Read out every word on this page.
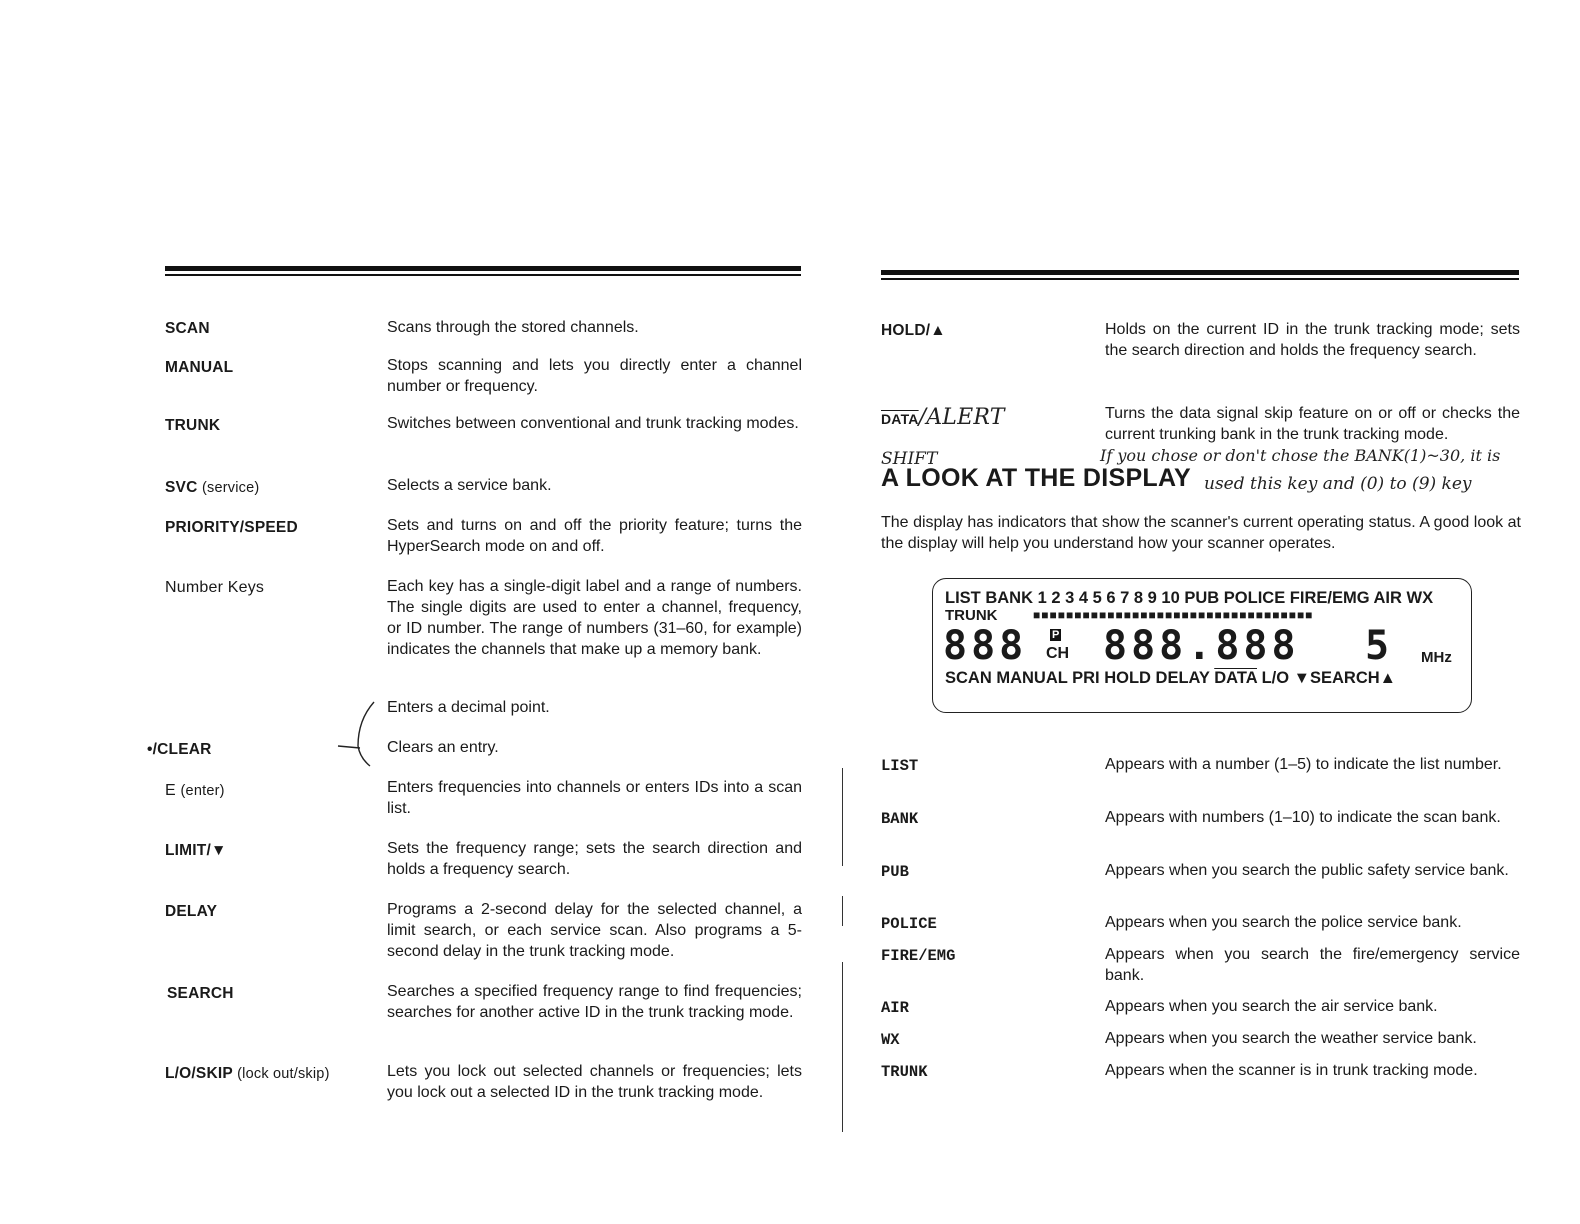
SCAN	Scans through the stored channels.
MANUAL	Stops scanning and lets you directly enter a channel number or frequency.
TRUNK	Switches between conventional and trunk tracking modes.
SVC (service)	Selects a service bank.
PRIORITY/SPEED	Sets and turns on and off the priority feature; turns the HyperSearch mode on and off.
Number Keys	Each key has a single-digit label and a range of numbers. The single digits are used to enter a channel, frequency, or ID number. The range of numbers (31–60, for example) indicates the channels that make up a memory bank.
Enters a decimal point.
•/CLEAR	Clears an entry.
E (enter)	Enters frequencies into channels or enters IDs into a scan list.
LIMIT/▼	Sets the frequency range; sets the search direction and holds a frequency search.
DELAY	Programs a 2-second delay for the selected channel, a limit search, or each service scan. Also programs a 5-second delay in the trunk tracking mode.
SEARCH	Searches a specified frequency range to find frequencies; searches for another active ID in the trunk tracking mode.
L/O/SKIP (lock out/skip)	Lets you lock out selected channels or frequencies; lets you lock out a selected ID in the trunk tracking mode.
HOLD/▲	Holds on the current ID in the trunk tracking mode; sets the search direction and holds the frequency search.
DATA/ALERT	Turns the data signal skip feature on or off or checks the current trunking bank in the trunk tracking mode.
SHIFT	If you chose or don't chose the BANK(1)~30, it is
A LOOK AT THE DISPLAY used this key and (0) to (9) key
The display has indicators that show the scanner's current operating status. A good look at the display will help you understand how your scanner operates.
LIST BANK 1 2 3 4 5 6 7 8 9 10 PUB POLICE FIRE/EMG AIR WX
TRUNK	■■■■■■■■■■■■■■■■■■■■■■■■■■■■■■■■■■
888 P
CH 888.888 5 MHz
SCAN MANUAL PRI HOLD DELAY DATA L/O ▼SEARCH▲
LIST	Appears with a number (1–5) to indicate the list number.
BANK	Appears with numbers (1–10) to indicate the scan bank.
PUB	Appears when you search the public safety service bank.
POLICE	Appears when you search the police service bank.
FIRE/EMG	Appears when you search the fire/emergency service bank.
AIR	Appears when you search the air service bank.
WX	Appears when you search the weather service bank.
TRUNK	Appears when the scanner is in trunk tracking mode.
